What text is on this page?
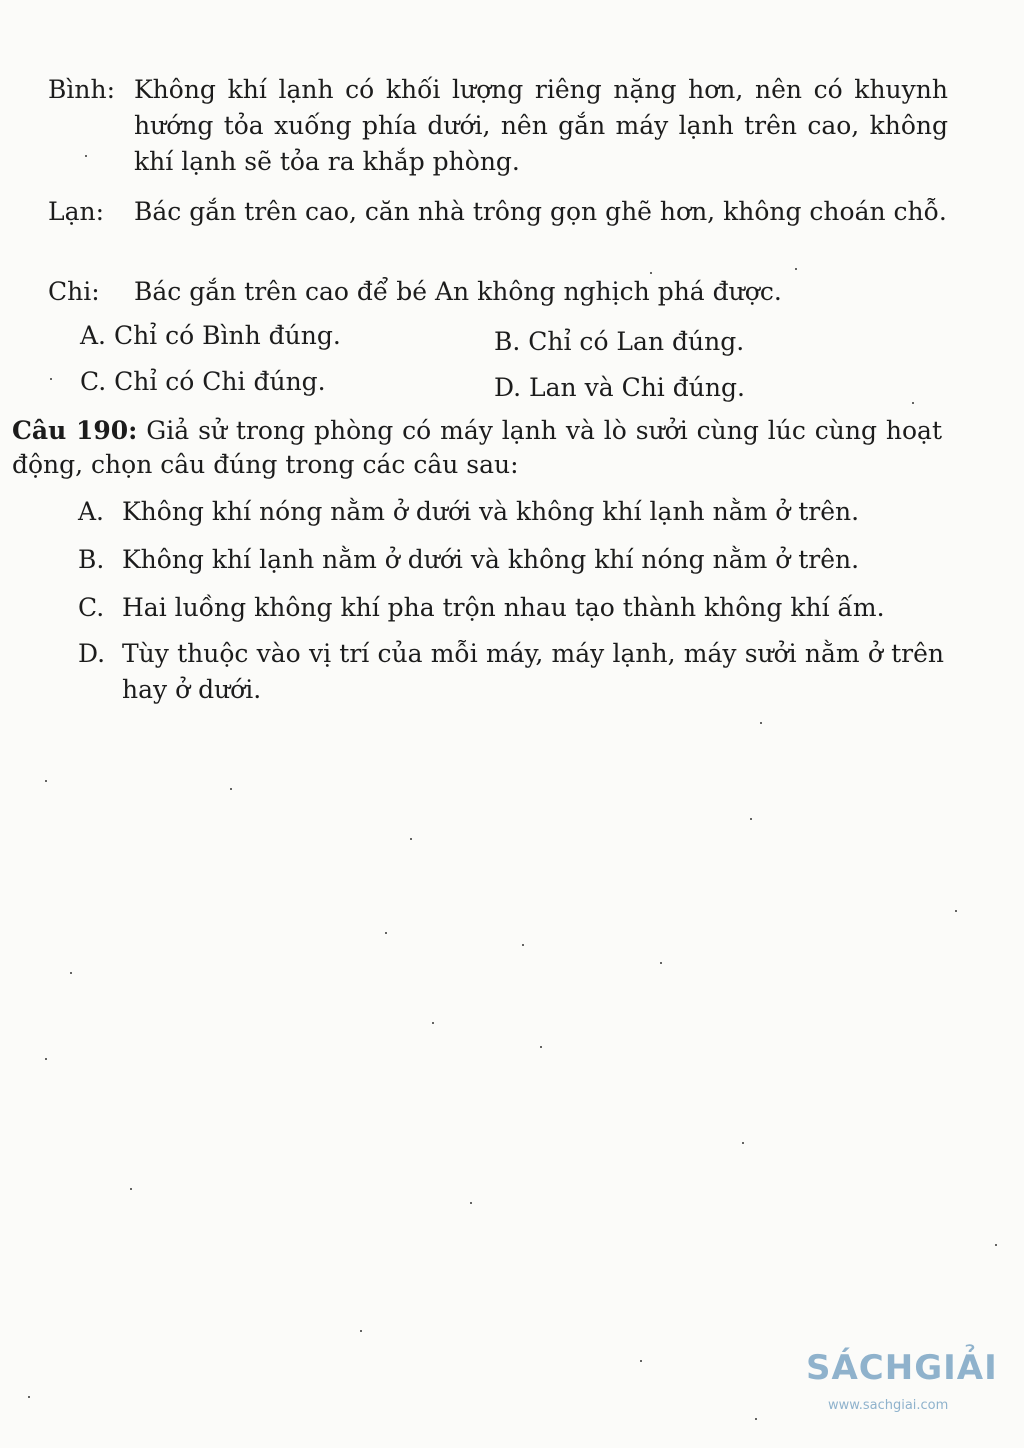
Bình: Không khí lạnh có khối lượng riêng nặng hơn, nên có khuynh hướng tỏa xuống phía dưới, nên gắn máy lạnh trên cao, không khí lạnh sẽ tỏa ra khắp phòng.
Lạn: Bác gắn trên cao, căn nhà trông gọn ghẽ hơn, không choán chỗ.
Chi: Bác gắn trên cao để bé An không nghịch phá được.
A. Chỉ có Bình đúng.	B. Chỉ có Lan đúng.
C. Chỉ có Chi đúng.	D. Lan và Chi đúng.
Câu 190: Giả sử trong phòng có máy lạnh và lò sưởi cùng lúc cùng hoạt động, chọn câu đúng trong các câu sau:
A. Không khí nóng nằm ở dưới và không khí lạnh nằm ở trên.
B. Không khí lạnh nằm ở dưới và không khí nóng nằm ở trên.
C. Hai luồng không khí pha trộn nhau tạo thành không khí ấm.
D. Tùy thuộc vào vị trí của mỗi máy, máy lạnh, máy sưởi nằm ở trên hay ở dưới.
SÁCHGIẢI
www.sachgiai.com
